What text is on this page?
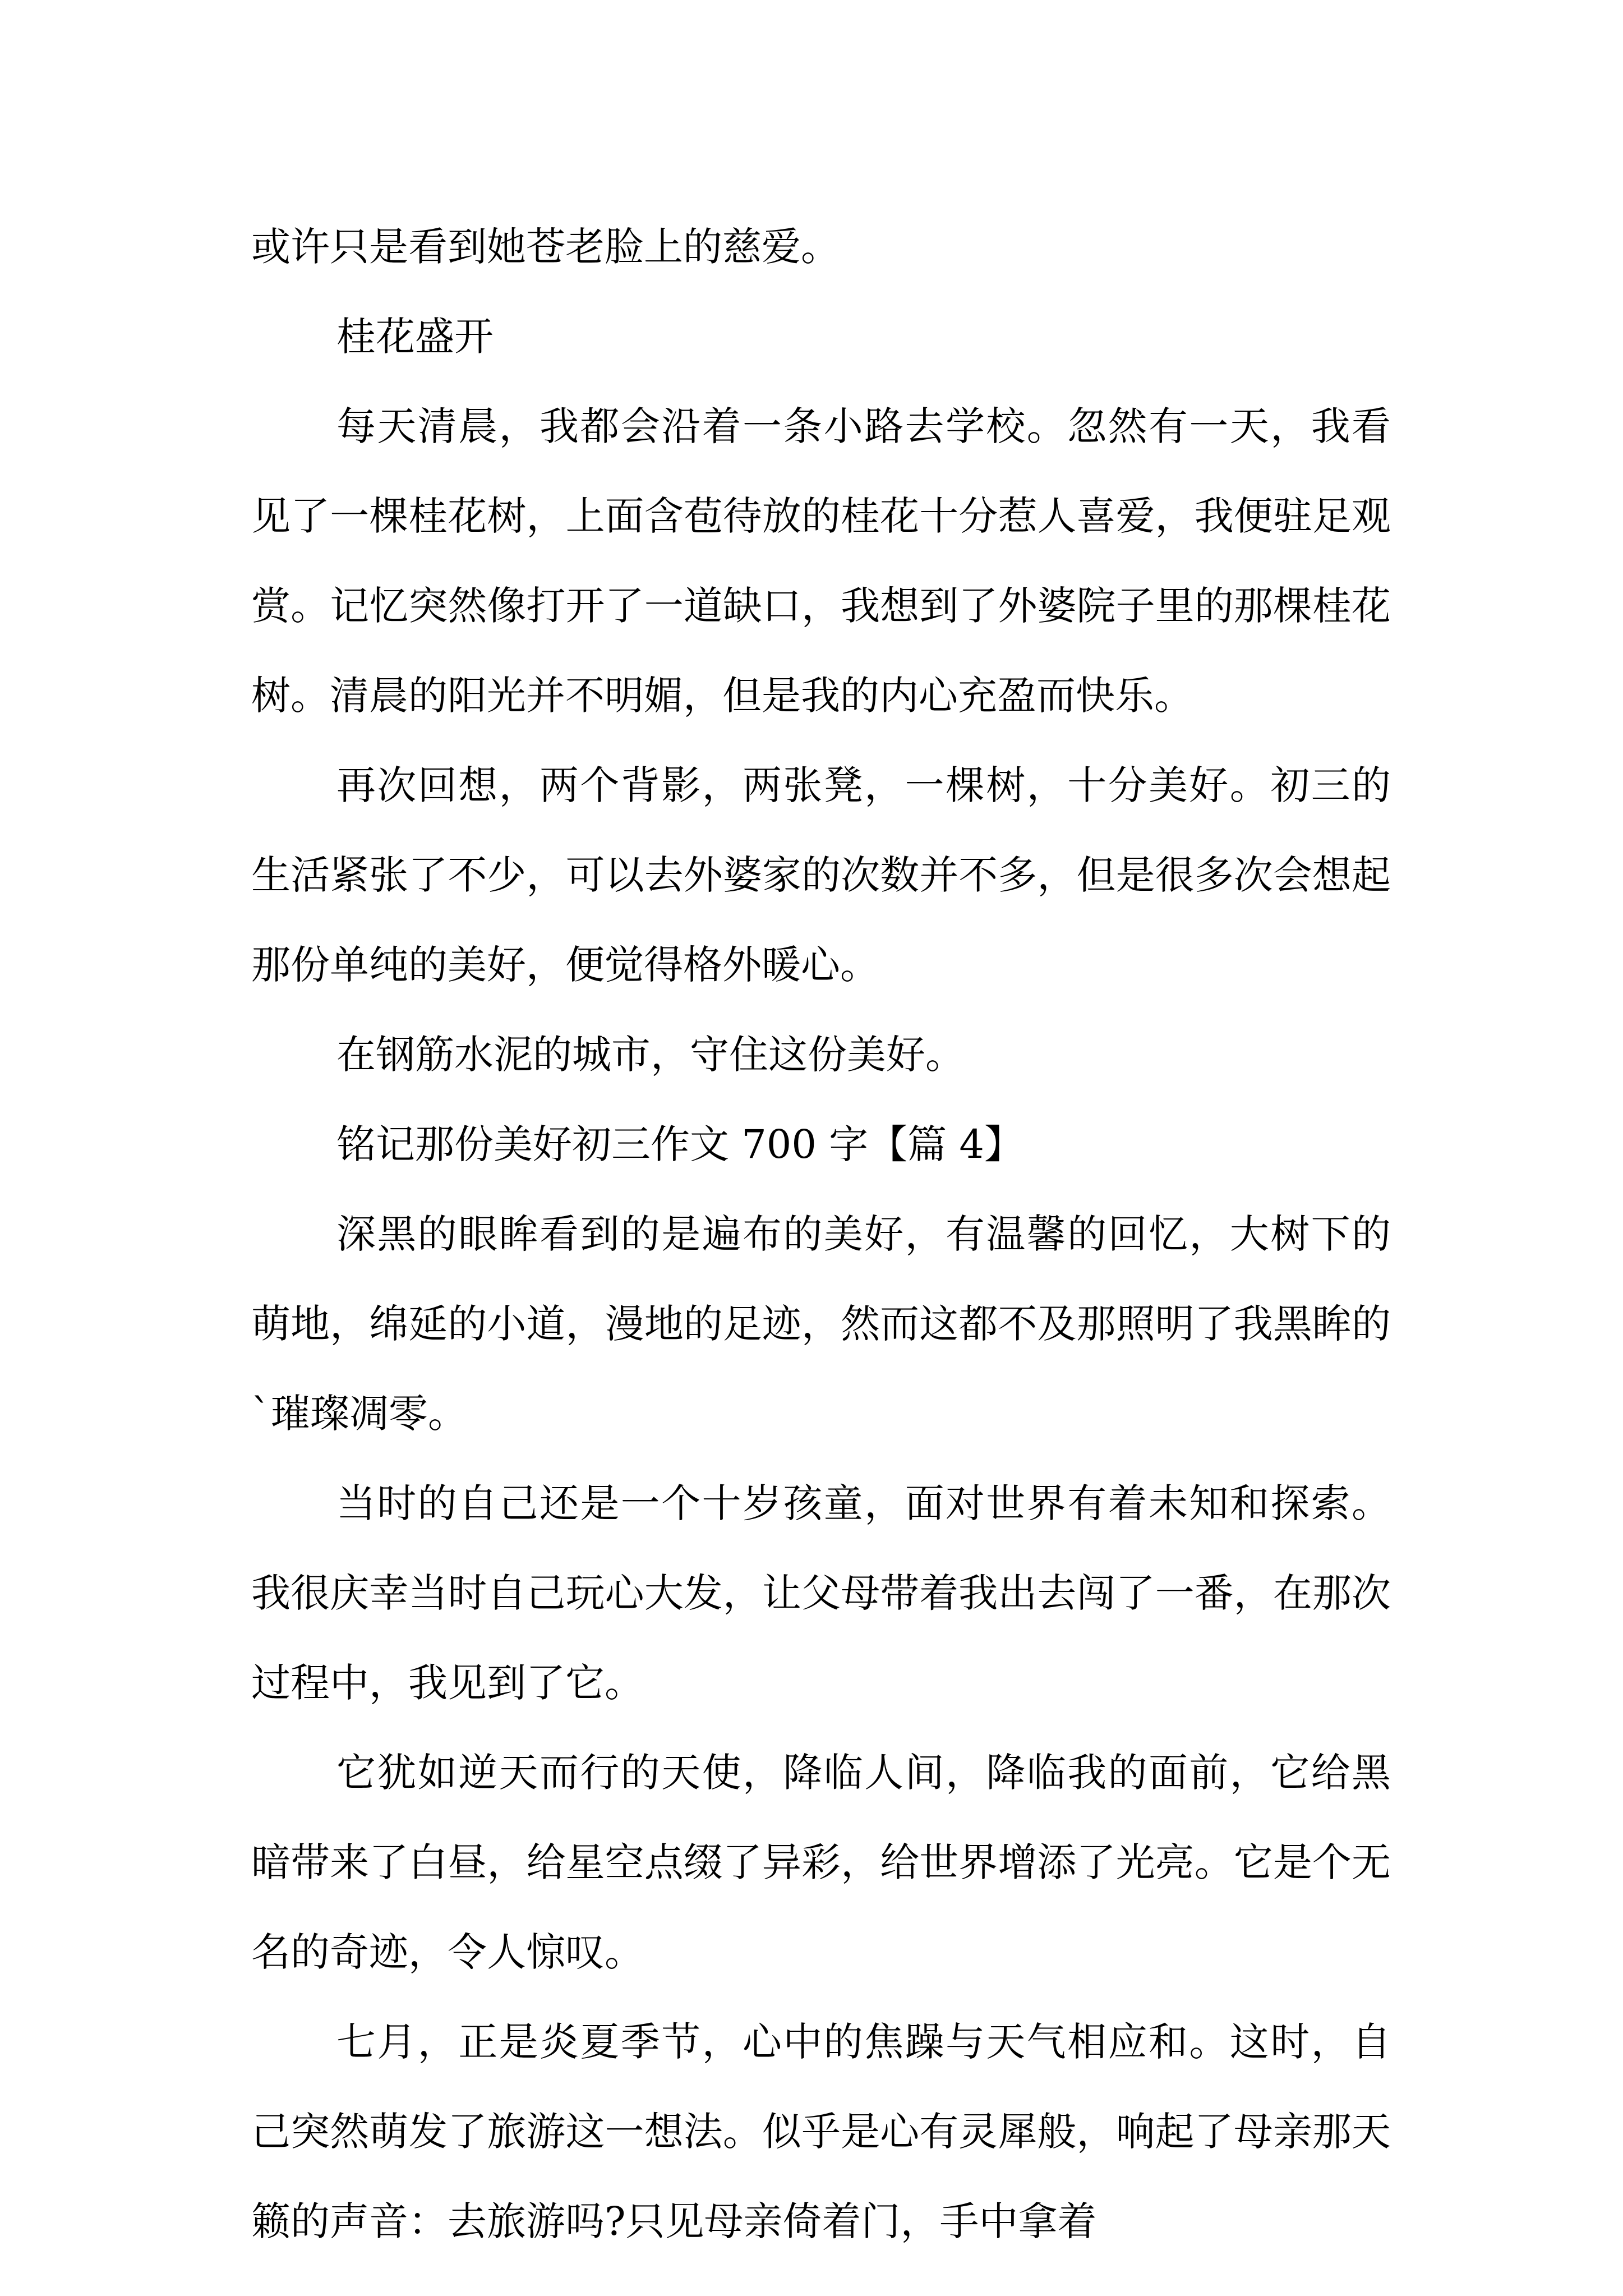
或许只是看到她苍老脸上的慈爱。

桂花盛开

每天清晨，我都会沿着一条小路去学校。忽然有一天，我看见了一棵桂花树，上面含苞待放的桂花十分惹人喜爱，我便驻足观赏。记忆突然像打开了一道缺口，我想到了外婆院子里的那棵桂花树。清晨的阳光并不明媚，但是我的内心充盈而快乐。

再次回想，两个背影，两张凳，一棵树，十分美好。初三的生活紧张了不少，可以去外婆家的次数并不多，但是很多次会想起那份单纯的美好，便觉得格外暖心。

在钢筋水泥的城市，守住这份美好。

铭记那份美好初三作文 700 字【篇 4】

深黑的眼眸看到的是遍布的美好，有温馨的回忆，大树下的萌地，绵延的小道，漫地的足迹，然而这都不及那照明了我黑眸的`璀璨凋零。

当时的自己还是一个十岁孩童，面对世界有着未知和探索。我很庆幸当时自己玩心大发，让父母带着我出去闯了一番，在那次过程中，我见到了它。

它犹如逆天而行的天使，降临人间，降临我的面前，它给黑暗带来了白昼，给星空点缀了异彩，给世界增添了光亮。它是个无名的奇迹，令人惊叹。

七月，正是炎夏季节，心中的焦躁与天气相应和。这时，自己突然萌发了旅游这一想法。似乎是心有灵犀般，响起了母亲那天籁的声音：去旅游吗?只见母亲倚着门，手中拿着
